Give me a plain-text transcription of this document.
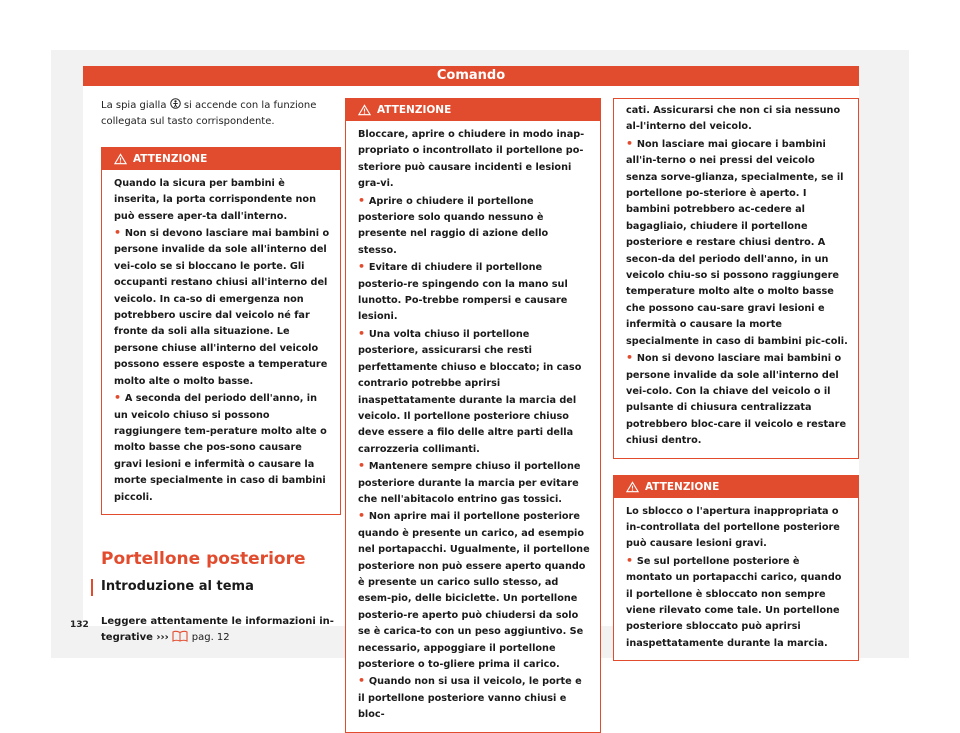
Comando

La spia gialla si accende con la funzione collegata sul tasto corrispondente.

ATTENZIONE

Quando la sicura per bambini è inserita, la porta corrispondente non può essere aper-ta dall'interno.

• Non si devono lasciare mai bambini o persone invalide da sole all'interno del vei-colo se si bloccano le porte. Gli occupanti restano chiusi all'interno del veicolo. In ca-so di emergenza non potrebbero uscire dal veicolo né far fronte da soli alla situazione. Le persone chiuse all'interno del veicolo possono essere esposte a temperature molto alte o molto basse.

• A seconda del periodo dell'anno, in un veicolo chiuso si possono raggiungere tem-perature molto alte o molto basse che pos-sono causare gravi lesioni e infermità o causare la morte specialmente in caso di bambini piccoli.

Portellone posteriore
Introduzione al tema

Leggere attentamente le informazioni in-tegrative ››› pag. 12

ATTENZIONE

Bloccare, aprire o chiudere in modo inap-propriato o incontrollato il portellone po-steriore può causare incidenti e lesioni gra-vi.

• Aprire o chiudere il portellone posteriore solo quando nessuno è presente nel raggio di azione dello stesso.

• Evitare di chiudere il portellone posterio-re spingendo con la mano sul lunotto. Po-trebbe rompersi e causare lesioni.

• Una volta chiuso il portellone posteriore, assicurarsi che resti perfettamente chiuso e bloccato; in caso contrario potrebbe aprirsi inaspettatamente durante la marcia del veicolo. Il portellone posteriore chiuso deve essere a filo delle altre parti della carrozzeria collimanti.

• Mantenere sempre chiuso il portellone posteriore durante la marcia per evitare che nell'abitacolo entrino gas tossici.

• Non aprire mai il portellone posteriore quando è presente un carico, ad esempio nel portapacchi. Ugualmente, il portellone posteriore non può essere aperto quando è presente un carico sullo stesso, ad esem-pio, delle biciclette. Un portellone posterio-re aperto può chiudersi da solo se è carica-to con un peso aggiuntivo. Se necessario, appoggiare il portellone posteriore o to-gliere prima il carico.

• Quando non si usa il veicolo, le porte e il portellone posteriore vanno chiusi e bloc-

cati. Assicurarsi che non ci sia nessuno al-l'interno del veicolo.

• Non lasciare mai giocare i bambini all'in-terno o nei pressi del veicolo senza sorve-glianza, specialmente, se il portellone po-steriore è aperto. I bambini potrebbero ac-cedere al bagagliaio, chiudere il portellone posteriore e restare chiusi dentro. A secon-da del periodo dell'anno, in un veicolo chiu-so si possono raggiungere temperature molto alte o molto basse che possono cau-sare gravi lesioni e infermità o causare la morte specialmente in caso di bambini pic-coli.

• Non si devono lasciare mai bambini o persone invalide da sole all'interno del vei-colo. Con la chiave del veicolo o il pulsante di chiusura centralizzata potrebbero bloc-care il veicolo e restare chiusi dentro.

ATTENZIONE

Lo sblocco o l'apertura inappropriata o in-controllata del portellone posteriore può causare lesioni gravi.

• Se sul portellone posteriore è montato un portapacchi carico, quando il portellone è sbloccato non sempre viene rilevato come tale. Un portellone posteriore sbloccato può aprirsi inaspettatamente durante la marcia.

132
